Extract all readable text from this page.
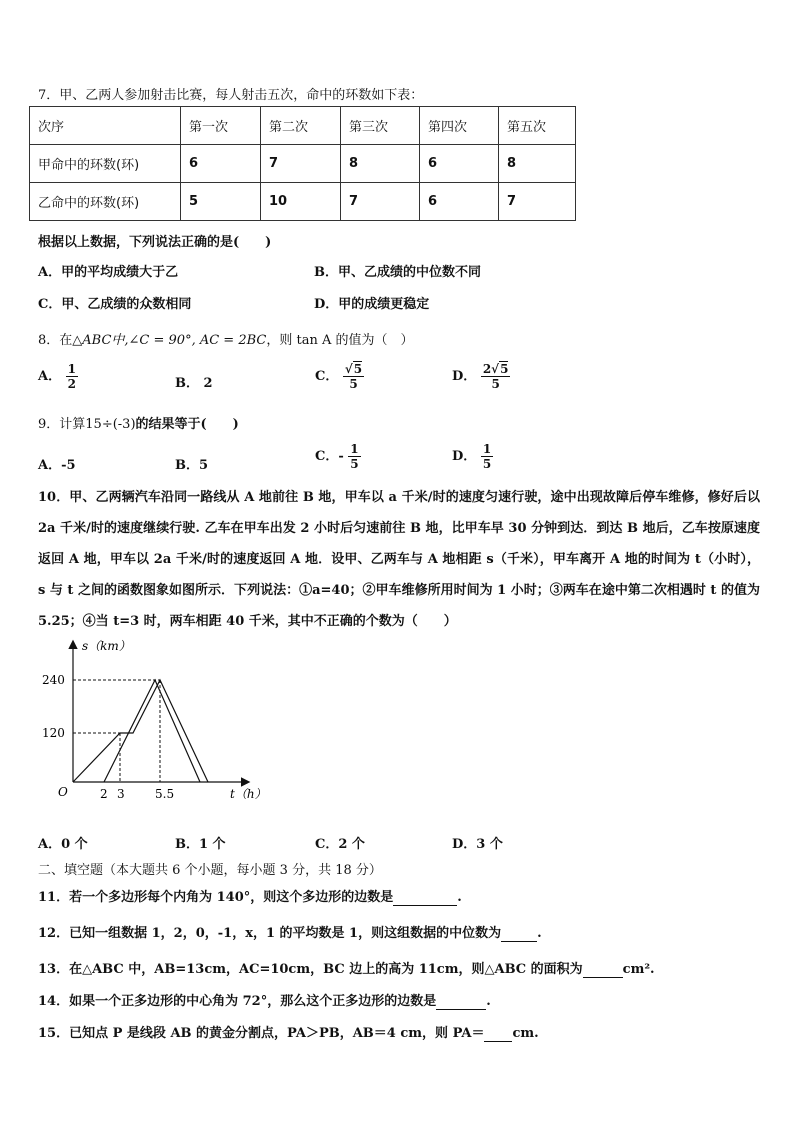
7．甲、乙两人参加射击比赛，每人射击五次，命中的环数如下表：
次序	第一次	第二次	第三次	第四次	第五次
甲命中的环数(环)	6	7	8	6	8
乙命中的环数(环)	5	10	7	6	7
根据以上数据，下列说法正确的是(　　)
A．甲的平均成绩大于乙	B．甲、乙成绩的中位数不同
C．甲、乙成绩的众数相同	D．甲的成绩更稳定
8．在△ABC中,∠C = 90°, AC = 2BC，则 tan A 的值为（　）
A． $\frac{1}{2}$	B． 2	C． $\frac{√5}{5}$	D． $\frac{2√5}{5}$
9．计算15÷(-3)的结果等于(　　)
A．-5	B．5
C．- $\frac{1}{5}$	D． $\frac{1}{5}$
10．甲、乙两辆汽车沿同一路线从 A 地前往 B 地，甲车以 a 千米/时的速度匀速行驶，途中出现故障后停车维修，修好后以 2a 千米/时的速度继续行驶. 乙车在甲车出发 2 小时后匀速前往 B 地，比甲车早 30 分钟到达．到达 B 地后，乙车按原速度返回 A 地，甲车以 2a 千米/时的速度返回 A 地．设甲、乙两车与 A 地相距 s（千米），甲车离开 A 地的时间为 t（小时），s 与 t 之间的函数图象如图所示．下列说法：①a=40；②甲车维修所用时间为 1 小时；③两车在途中第二次相遇时 t 的值为 5.25；④当 t=3 时，两车相距 40 千米，其中不正确的个数为（　　）
s（km）
t（h）
O
240
120
2 3	5.5
A．0 个	B．1 个	C．2 个	D．3 个
二、填空题（本大题共 6 个小题，每小题 3 分，共 18 分）
11．若一个多边形每个内角为 140°，则这个多边形的边数是	.
12．已知一组数据 1，2，0，-1，x，1 的平均数是 1，则这组数据的中位数为	.
13．在△ABC 中，AB=13cm，AC=10cm，BC 边上的高为 11cm，则△ABC 的面积为	cm².
14．如果一个正多边形的中心角为 72°，那么这个正多边形的边数是	.
15．已知点 P 是线段 AB 的黄金分割点，PA＞PB，AB＝4 cm，则 PA＝ cm.
